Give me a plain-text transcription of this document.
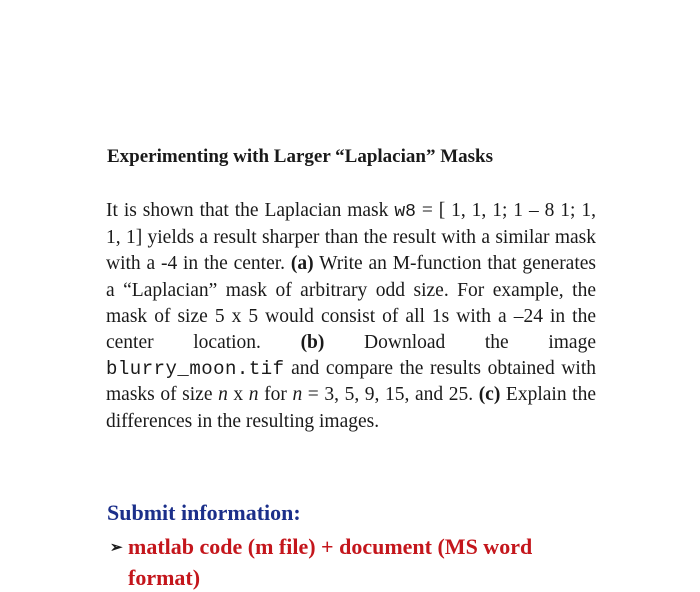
Experimenting with Larger “Laplacian” Masks
It is shown that the Laplacian mask w8 = [ 1, 1, 1; 1 – 8 1; 1, 1, 1] yields a result sharper than the result with a similar mask with a -4 in the center. (a) Write an M-function that generates a “Laplacian” mask of arbitrary odd size. For example, the mask of size 5 x 5 would consist of all 1s with a –24 in the center location. (b) Download the image blurry_moon.tif and compare the results obtained with masks of size n x n for n = 3, 5, 9, 15, and 25. (c) Explain the differences in the resulting images.
Submit information:
➢ matlab code (m file) + document (MS word
format)
